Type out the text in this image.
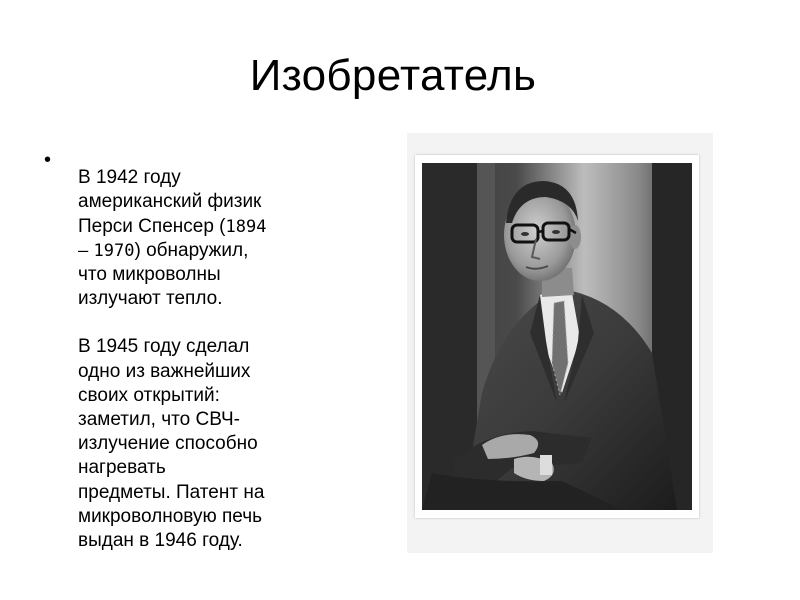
Изобретатель
•

В 1942 году
американский физик
Перси Спенсер (1894
– 1970) обнаружил,
что микроволны
излучают тепло.

В 1945 году сделал
одно из важнейших
своих открытий:
заметил, что СВЧ-
излучение способно
нагревать
предметы. Патент на
микроволновую печь
выдан в 1946 году.
